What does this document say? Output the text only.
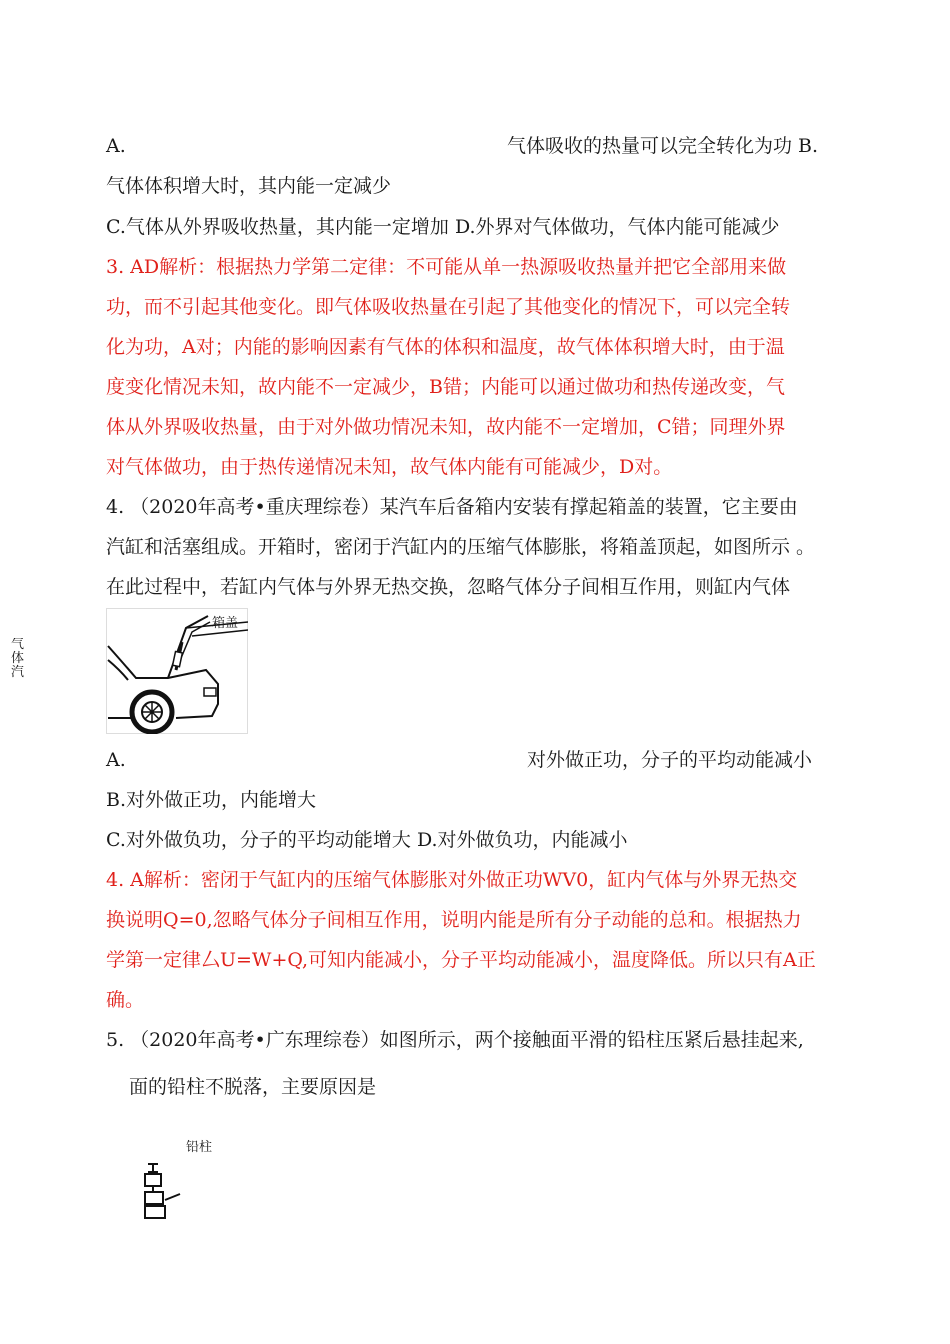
A.	气体吸收的热量可以完全转化为功 B.
气体体积增大时，其内能一定减少
C.气体从外界吸收热量，其内能一定增加 D.外界对气体做功，气体内能可能减少
3. AD解析：根据热力学第二定律：不可能从单一热源吸收热量并把它全部用来做
功，而不引起其他变化。即气体吸收热量在引起了其他变化的情况下，可以完全转
化为功，A对；内能的影响因素有气体的体积和温度，故气体体积增大时，由于温
度变化情况未知，故内能不一定减少，B错；内能可以通过做功和热传递改变，气
体从外界吸收热量，由于对外做功情况未知，故内能不一定增加，C错；同理外界
对气体做功，由于热传递情况未知，故气体内能有可能减少，D对。
4. （2020年高考•重庆理综卷）某汽车后备箱内安装有撑起箱盖的装置，它主要由
汽缸和活塞组成。开箱时，密闭于汽缸内的压缩气体膨胀，将箱盖顶起，如图所示 。
在此过程中，若缸内气体与外界无热交换，忽略气体分子间相互作用，则缸内气体
气体汽
箱盖
A.	对外做正功，分子的平均动能减小
B.对外做正功，内能增大
C.对外做负功，分子的平均动能增大 D.对外做负功，内能减小
4. A解析：密闭于气缸内的压缩气体膨胀对外做正功WV0，缸内气体与外界无热交
换说明Q=0,忽略气体分子间相互作用，说明内能是所有分子动能的总和。根据热力
学第一定律厶U=W+Q,可知内能减小，分子平均动能减小，温度降低。所以只有A正
确。
5. （2020年高考•广东理综卷）如图所示，两个接触面平滑的铅柱压紧后悬挂起来,
面的铅柱不脱落，主要原因是
铅柱
